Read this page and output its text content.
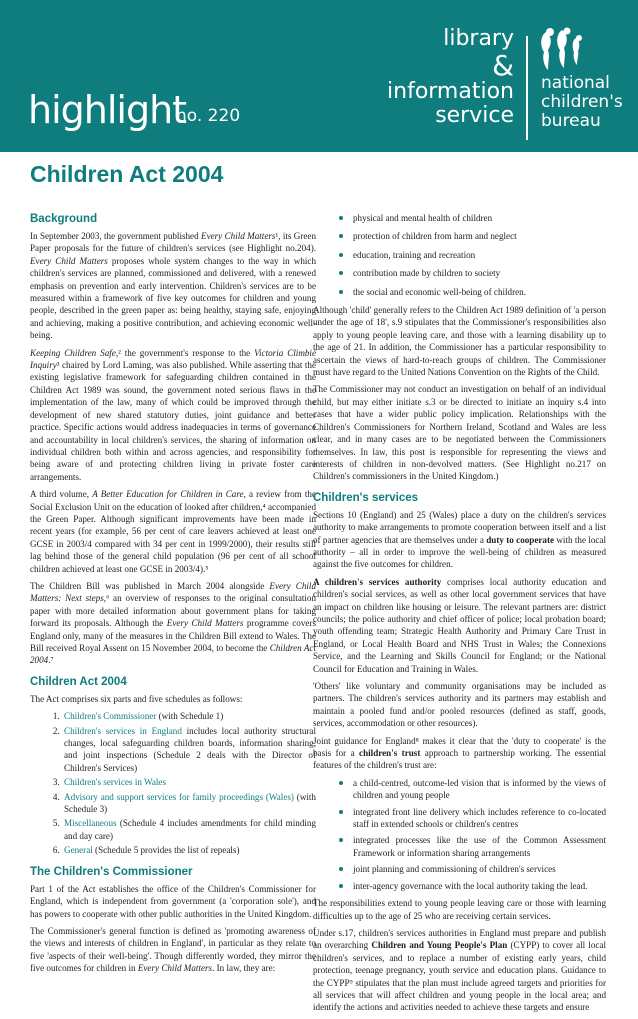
highlight
no. 220
library
&
information
service
national
children's
bureau
Children Act 2004
Background

In September 2003, the government published Every Child Matters¹, its Green Paper proposals for the future of children's services (see Highlight no.204). Every Child Matters proposes whole system changes to the way in which children's services are planned, commissioned and delivered, with a renewed emphasis on prevention and early intervention. Children's services are to be measured within a framework of five key outcomes for children and young people, described in the green paper as: being healthy, staying safe, enjoying and achieving, making a positive contribution, and achieving economic well-being.

Keeping Children Safe,² the government's response to the Victoria Climbié Inquiry³ chaired by Lord Laming, was also published. While asserting that the existing legislative framework for safeguarding children contained in the Children Act 1989 was sound, the government noted serious flaws in the implementation of the law, many of which could be improved through the development of new shared statutory duties, joint guidance and better practice. Specific actions would address inadequacies in terms of governance and accountability in local children's services, the sharing of information on individual children both within and across agencies, and responsibility for being aware of and protecting children living in private foster care arrangements.

A third volume, A Better Education for Children in Care, a review from the Social Exclusion Unit on the education of looked after children,⁴ accompanied the Green Paper. Although significant improvements have been made in recent years (for example, 56 per cent of care leavers achieved at least one GCSE in 2003/4 compared with 34 per cent in 1999/2000), their results still lag behind those of the general child population (96 per cent of all school children achieved at least one GCSE in 2003/4).⁵

The Children Bill was published in March 2004 alongside Every Child Matters: Next steps,⁶ an overview of responses to the original consultation paper with more detailed information about government plans for taking forward its proposals. Although the Every Child Matters programme covers England only, many of the measures in the Children Bill extend to Wales. The Bill received Royal Assent on 15 November 2004, to become the Children Act 2004.⁷

Children Act 2004

The Act comprises six parts and five schedules as follows:

1. Children's Commissioner (with Schedule 1)
2. Children's services in England includes local authority structural changes, local safeguarding children boards, information sharing, and joint inspections (Schedule 2 deals with the Director of Children's Services)
3. Children's services in Wales
4. Advisory and support services for family proceedings (Wales) (with Schedule 3)
5. Miscellaneous (Schedule 4 includes amendments for child minding and day care)
6. General (Schedule 5 provides the list of repeals)
The Children's Commissioner

Part 1 of the Act establishes the office of the Children's Commissioner for England, which is independent from government (a 'corporation sole'), and has powers to cooperate with other public authorities in the United Kingdom.

The Commissioner's general function is defined as 'promoting awareness of the views and interests of children in England', in particular as they relate to five 'aspects of their well-being'. Though differently worded, they mirror the five outcomes for children in Every Child Matters. In law, they are:

physical and mental health of children
protection of children from harm and neglect
education, training and recreation
contribution made by children to society
the social and economic well-being of children.

Although 'child' generally refers to the Children Act 1989 definition of 'a person under the age of 18', s.9 stipulates that the Commissioner's responsibilities also apply to young people leaving care, and those with a learning disability up to the age of 21. In addition, the Commissioner has a particular responsibility to ascertain the views of hard-to-reach groups of children. The Commissioner must have regard to the United Nations Convention on the Rights of the Child.

The Commissioner may not conduct an investigation on behalf of an individual child, but may either initiate s.3 or be directed to initiate an inquiry s.4 into cases that have a wider public policy implication. Relationships with the Children's Commissioners for Northern Ireland, Scotland and Wales are less clear, and in many cases are to be negotiated between the Commissioners themselves. In law, this post is responsible for representing the views and interests of children in non-devolved matters. (See Highlight no.217 on Children's commissioners in the United Kingdom.)

Children's services

Sections 10 (England) and 25 (Wales) place a duty on the children's services authority to make arrangements to promote cooperation between itself and a list of partner agencies that are themselves under a duty to cooperate with the local authority – all in order to improve the well-being of children as measured against the five outcomes for children.

A children's services authority comprises local authority education and children's social services, as well as other local government services that have an impact on children like housing or leisure. The relevant partners are: district councils; the police authority and chief officer of police; local probation board; youth offending team; Strategic Health Authority and Primary Care Trust in England, or Local Health Board and NHS Trust in Wales; the Connexions Service, and the Learning and Skills Council for England; or the National Council for Education and Training in Wales.

'Others' like voluntary and community organisations may be included as partners. The children's services authority and its partners may establish and maintain a pooled fund and/or pooled resources (defined as staff, goods, services, accommodation or other resources).

Joint guidance for England⁸ makes it clear that the 'duty to cooperate' is the basis for a children's trust approach to partnership working. The essential features of the children's trust are:

a child-centred, outcome-led vision that is informed by the views of children and young people
integrated front line delivery which includes reference to co-located staff in extended schools or children's centres
integrated processes like the use of the Common Assessment Framework or information sharing arrangements
joint planning and commissioning of children's services
inter-agency governance with the local authority taking the lead.

The responsibilities extend to young people leaving care or those with learning difficulties up to the age of 25 who are receiving certain services.

Under s.17, children's services authorities in England must prepare and publish an overarching Children and Young People's Plan (CYPP) to cover all local children's services, and to replace a number of existing early years, child protection, teenage pregnancy, youth service and education plans. Guidance to the CYPP⁹ stipulates that the plan must include agreed targets and priorities for all services that will affect children and young people in the local area; and identify the actions and activities needed to achieve these targets and ensure
